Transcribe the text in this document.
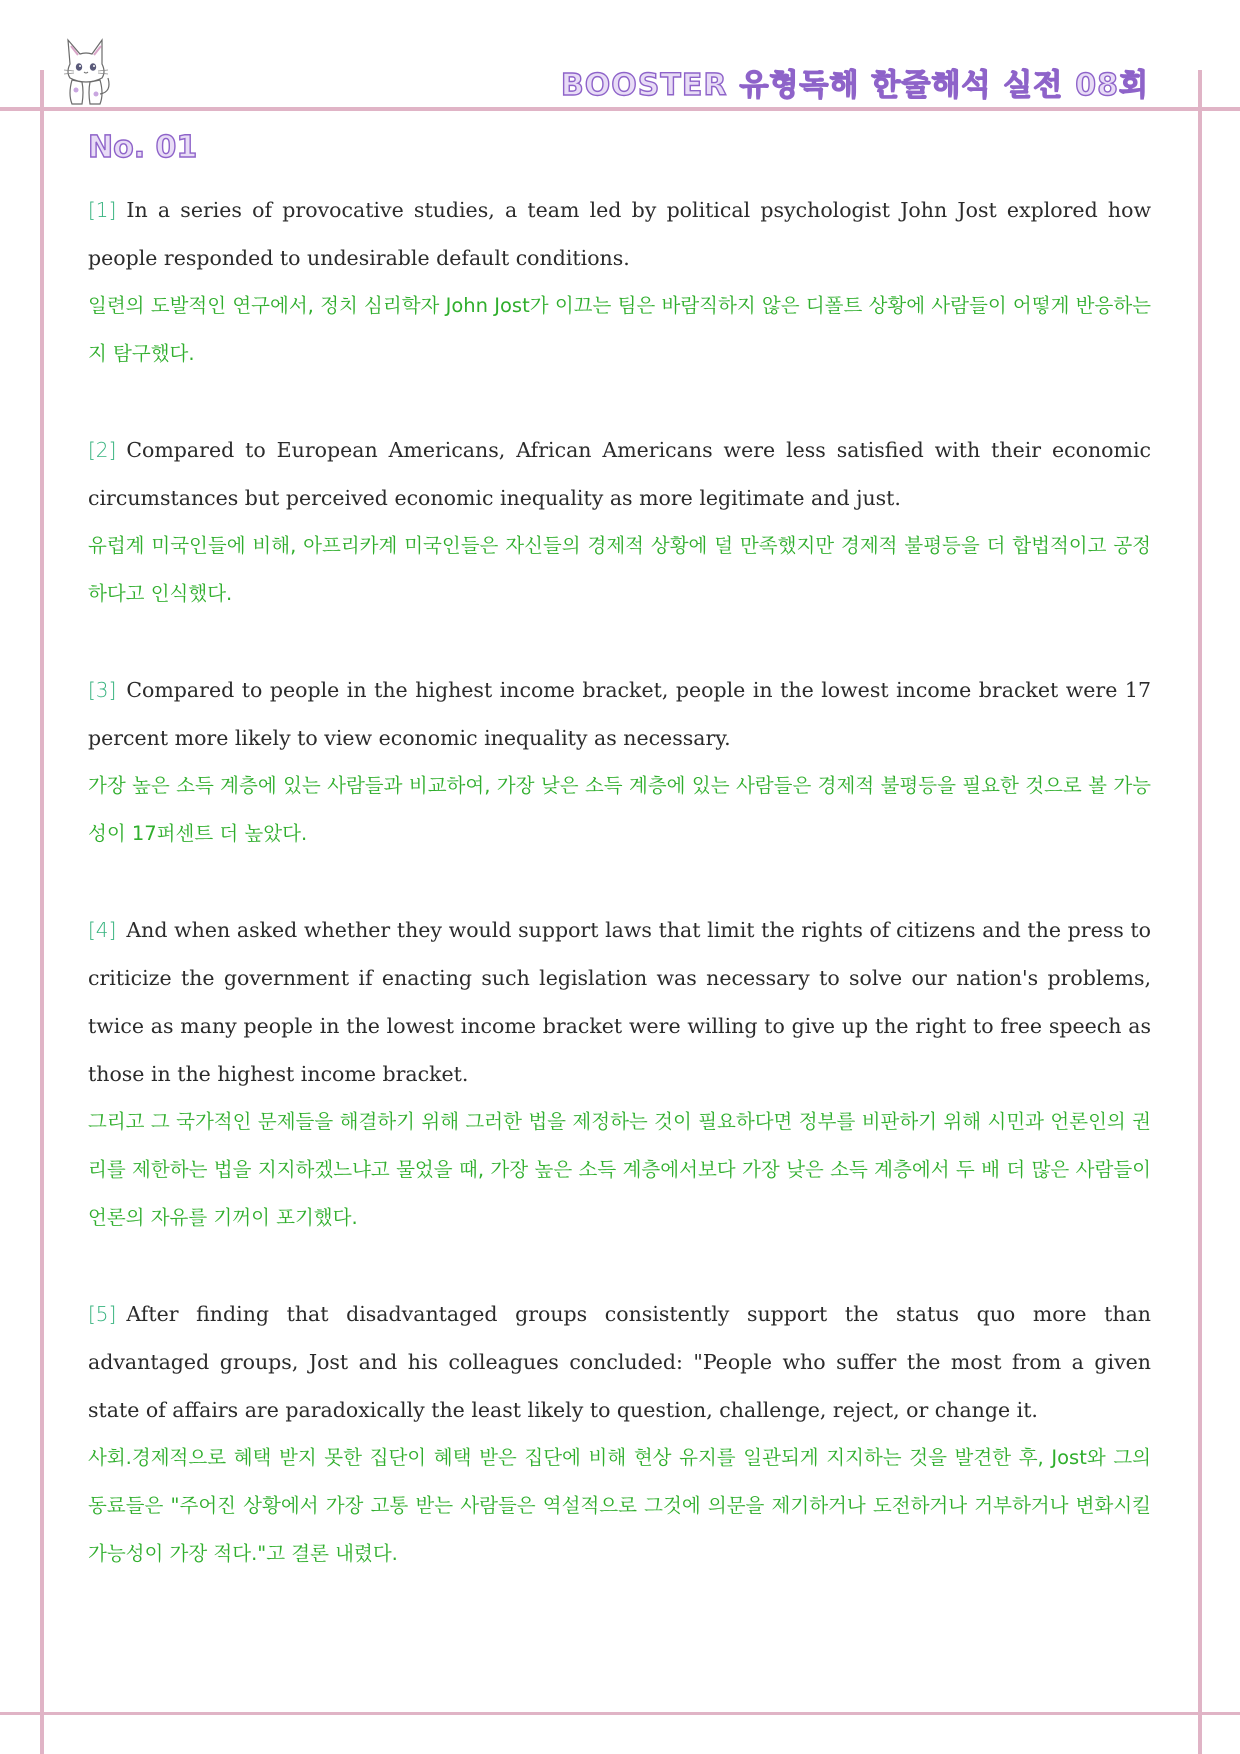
BOOSTER 유형독해 한줄해석 실전 08회
No. 01

[1] In a series of provocative studies, a team led by political psychologist John Jost explored how people responded to undesirable default conditions.

일련의 도발적인 연구에서, 정치 심리학자 John Jost가 이끄는 팀은 바람직하지 않은 디폴트 상황에 사람들이 어떻게 반응하는지 탐구했다.

[2] Compared to European Americans, African Americans were less satisfied with their economic circumstances but perceived economic inequality as more legitimate and just.

유럽계 미국인들에 비해, 아프리카계 미국인들은 자신들의 경제적 상황에 덜 만족했지만 경제적 불평등을 더 합법적이고 공정하다고 인식했다.

[3] Compared to people in the highest income bracket, people in the lowest income bracket were 17 percent more likely to view economic inequality as necessary.

가장 높은 소득 계층에 있는 사람들과 비교하여, 가장 낮은 소득 계층에 있는 사람들은 경제적 불평등을 필요한 것으로 볼 가능성이 17퍼센트 더 높았다.

[4] And when asked whether they would support laws that limit the rights of citizens and the press to criticize the government if enacting such legislation was necessary to solve our nation's problems, twice as many people in the lowest income bracket were willing to give up the right to free speech as those in the highest income bracket.

그리고 그 국가적인 문제들을 해결하기 위해 그러한 법을 제정하는 것이 필요하다면 정부를 비판하기 위해 시민과 언론인의 권리를 제한하는 법을 지지하겠느냐고 물었을 때, 가장 높은 소득 계층에서보다 가장 낮은 소득 계층에서 두 배 더 많은 사람들이 언론의 자유를 기꺼이 포기했다.

[5] After finding that disadvantaged groups consistently support the status quo more than advantaged groups, Jost and his colleagues concluded: "People who suffer the most from a given state of affairs are paradoxically the least likely to question, challenge, reject, or change it.

사회.경제적으로 혜택 받지 못한 집단이 혜택 받은 집단에 비해 현상 유지를 일관되게 지지하는 것을 발견한 후, Jost와 그의 동료들은 "주어진 상황에서 가장 고통 받는 사람들은 역설적으로 그것에 의문을 제기하거나 도전하거나 거부하거나 변화시킬 가능성이 가장 적다."고 결론 내렸다.
